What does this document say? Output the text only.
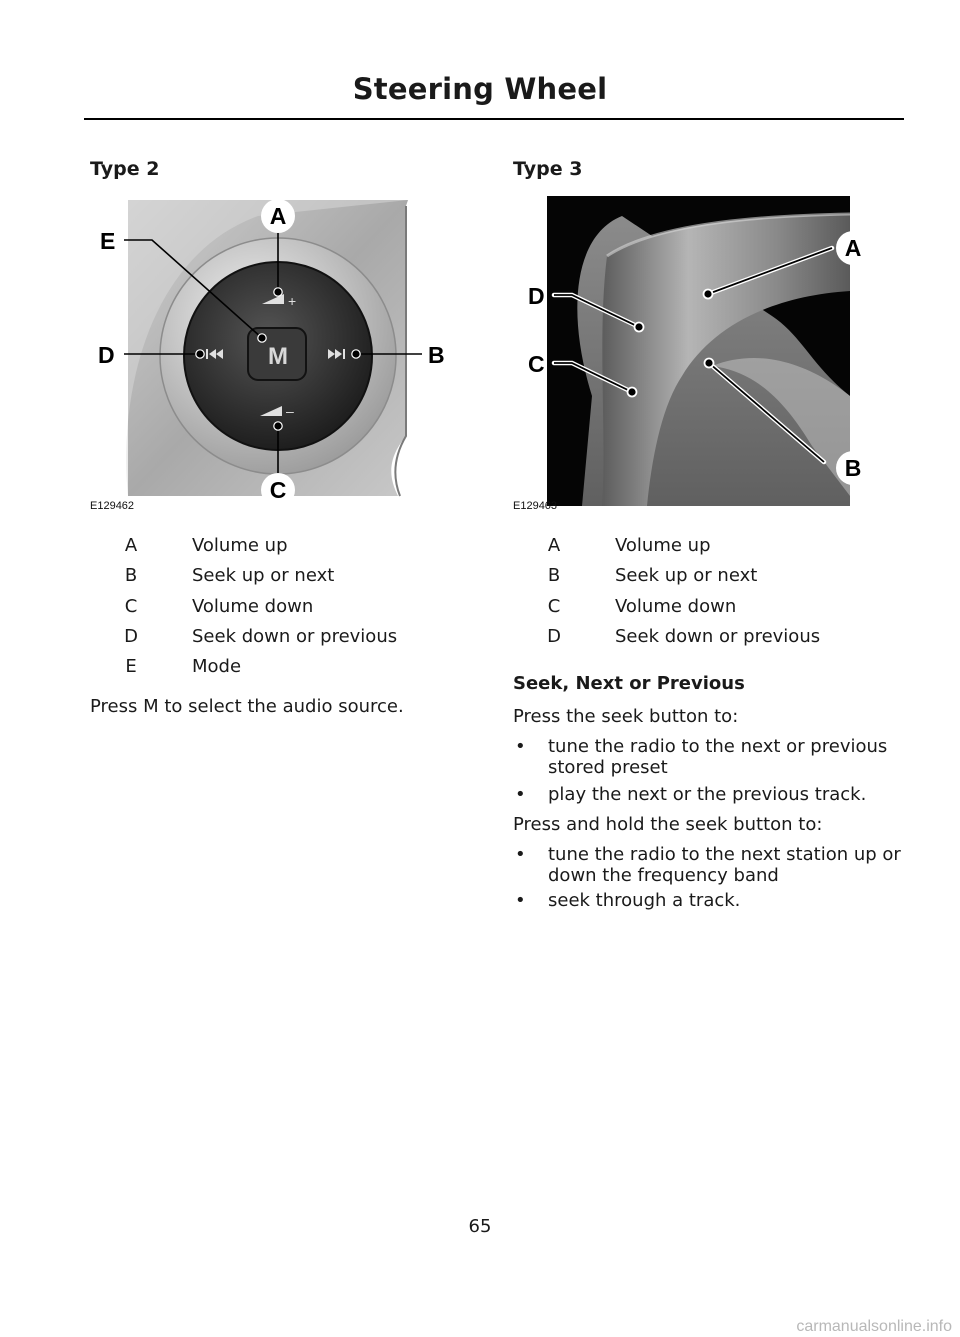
Steering Wheel
Type 2
M
+
–
A
C
B
D
E
E129462
A	Volume up
B	Seek up or next
C	Volume down
D	Seek down or previous
E	Mode
Press M to select the audio source.
Type 3
A
B
D
C
E129463
A	Volume up
B	Seek up or next
C	Volume down
D	Seek down or previous
Seek, Next or Previous
Press the seek button to:
• tune the radio to the next or previous stored preset
• play the next or the previous track.
Press and hold the seek button to:
• tune the radio to the next station up or down the frequency band
• seek through a track.
65
carmanualsonline.info
